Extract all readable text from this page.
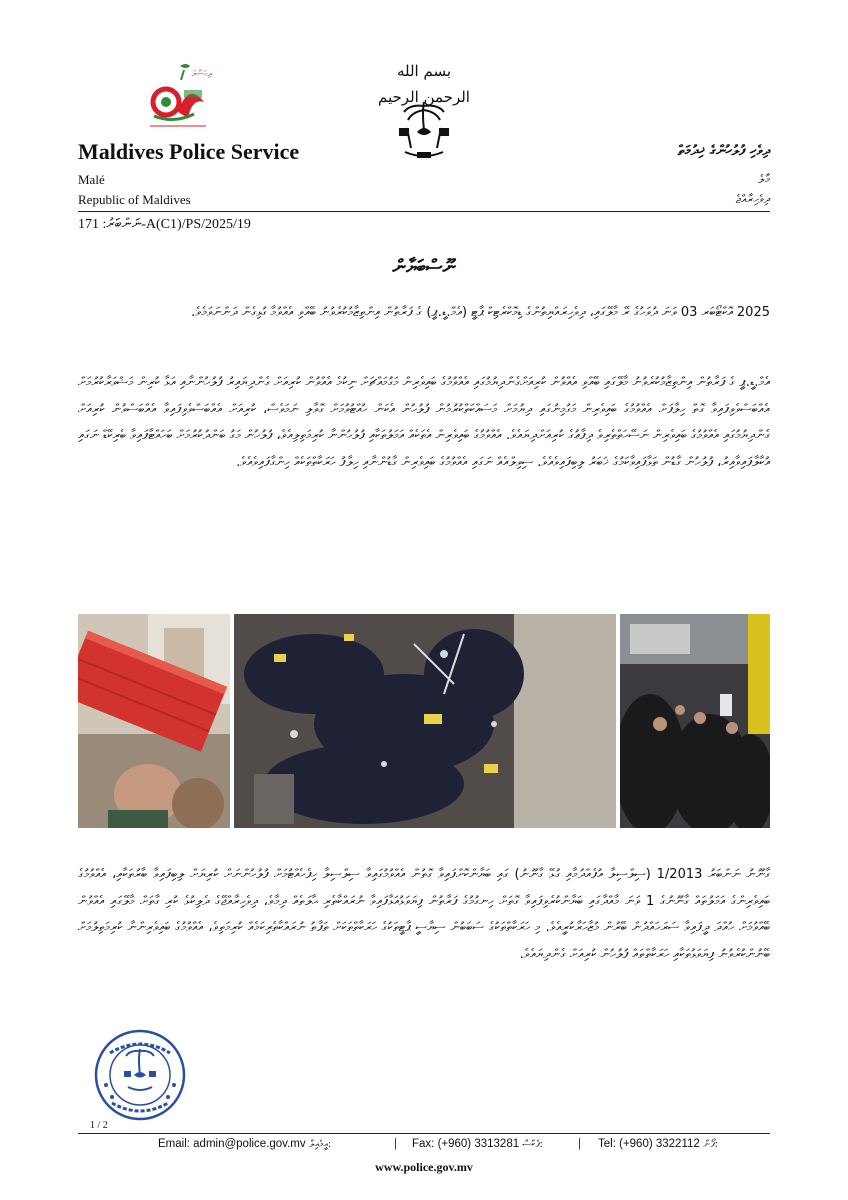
ދިހަސާލަ	بسم الله الرحمن الرحيم
Maldives Police Service
Malé
Republic of Maldives
ދިވެހި ފުލުހުންގެ ޚިދުމަތް
މާލެ
ދިވެހިރާއްޖެ
ނަންބަރު: 171-A(C1)/PS/2025/19
ނޫސްބަޔާން
2025 އޮކްޓޯބަރ 03 ވަނަ ދުވަހުގެ ރޭ މާލޭގައި، ދިވެހިރައްޔިތުންގެ ޑިމޮކްރެޓިކް ޕާޓީ (އެމް.ޑީ.ޕީ) ގެ ފަރާތުން އިންތިޒާމުކުރެވުނު ބޭއްވި އެއްވުމާ ގުޅިގެން ދަންނަވަމެވެ.
އެމް.ޑީ.ޕީ ގެ ފަރާތުން އިންތިޒާމުކުރެވުނު މާލޭގައި ބޭއްވި އެއްވުން ކުރިއަށްގެންދިޔުމުގައި އެއްވުމުގެ ބައިވެރިން މަގުމައްޗަށް ނިކުމެ އެއްވުން ކުރިއަށް ގެންދިޔައިރު ފުލުހުންނާއި އަޅާ ކުރިން މަޝްވަރާކުރުމަށް އެއްބަސްވެވިފައިވާ ގޮތް ހިލާފަށް އެއްވުމުގެ ބައިވެރިން މަގުމިނުގައި ދިޔުމަށް މަސައްކަތްކުރުމުން ފުލުހުން އެކަން ހުއްޓުވުމަށް ގޮވާލި ނަމަވެސް، ކުރިއަށް އެއްބަސްވެވިފައިވާ އެއްބަސްވުން ކުރިއަށް ގެންދިޔުމުގައި އެއްވުމުގެ ބައިވެރިން ނަސޭހަތްތެރިވެ ދިފާޢުގެ ކުރިއަށްދިޔައެވެ. އެއްވުމުގެ ބައިވެރިން އެތަކެއް އަމަލުތަކާއި ފުލުހުންނާ ކުރިމަތިލިއެވެ، ފުލުހުން މަގު ބަންދުކުރުމަށް ބަހައްޓާފައިވާ ބެރިކޭޑް ނަގައި އުކާލާފައިވާއިރު، ފުލުހުން ގާޑުން ތަޅާފައިވާކަމުގެ ޚަބަރު ލިބިފައިވެއެވެ. ސިވިލްއެއް ނަގައި އެއްވުމުގެ ބައިވެރިން ގާޑުންނާއި ހިލާފު ހަރަކާތްތަކެއް ހިންގާފައިވެއެވެ.
ގާނޫނު ނަންބަރު 1/2013 (ސިލްސިލާ އުފެއްދުމާއި ގުޅޭ ގާނޫނު) ގައި ބަޔާންކޮށްފައިވާ ގޮތުން އެއްވުމުގައިވާ ސިލްސިލާ ހިފެހެއްޓުމަށް ފުލުހުންނަށް ކުރިޔަށް ލިބިފައިވާ ބާރުތަކާއި، އެއްވުމުގެ ބައިވެރިންގެ އަމަލުތައް ގާނޫނުގެ 1 ވަނަ މާއްދާގައި ބަޔާންކުރެވިފައިވާ ގޮތަށް ހިނގުމުގެ ފަރާތުން ފިޔަވަޅުއަޅާފައިވާ ނުރައްކާތެރި ޙާލަތެއް ދިމާވެ، ދިވެހިރާއްޖޭގެ ދެލިކުޅެ ކުރި ގާތަށް މާލޭގައި އެއްވުން ބޭއްވުމަށް ހުއްދަ ދީފައިވާ ސަރަހައްދުން ބޭރުން މުޒާހަރާކުރީއެވެ. މި ހަރަކާތްތަކުގެ ސަބަބުން ސިޔާސީ ޕާޓީތަކުގެ ހަރަކާތްތަކަށް ތަފާތު ނުރައްކާތެރިކަމެއް ކުރިމަތިވެ، އެއްވުމުގެ ބައިވެރިންނާ ކުރިމަތިލުމަށް ބޭނުންކުރެވުނު ފިޔަވަޅުތަކާއި ހަރަކާތްތައް ފުލުހުން ކުރިއަށް ގެންދިޔައެވެ.
1 / 2
Email: admin@police.gov.mv އީމެއިލް:	| Fax: (+960) 3313281 ފެކްސް:	| Tel: (+960) 3322112 ފޯން:
www.police.gov.mv
